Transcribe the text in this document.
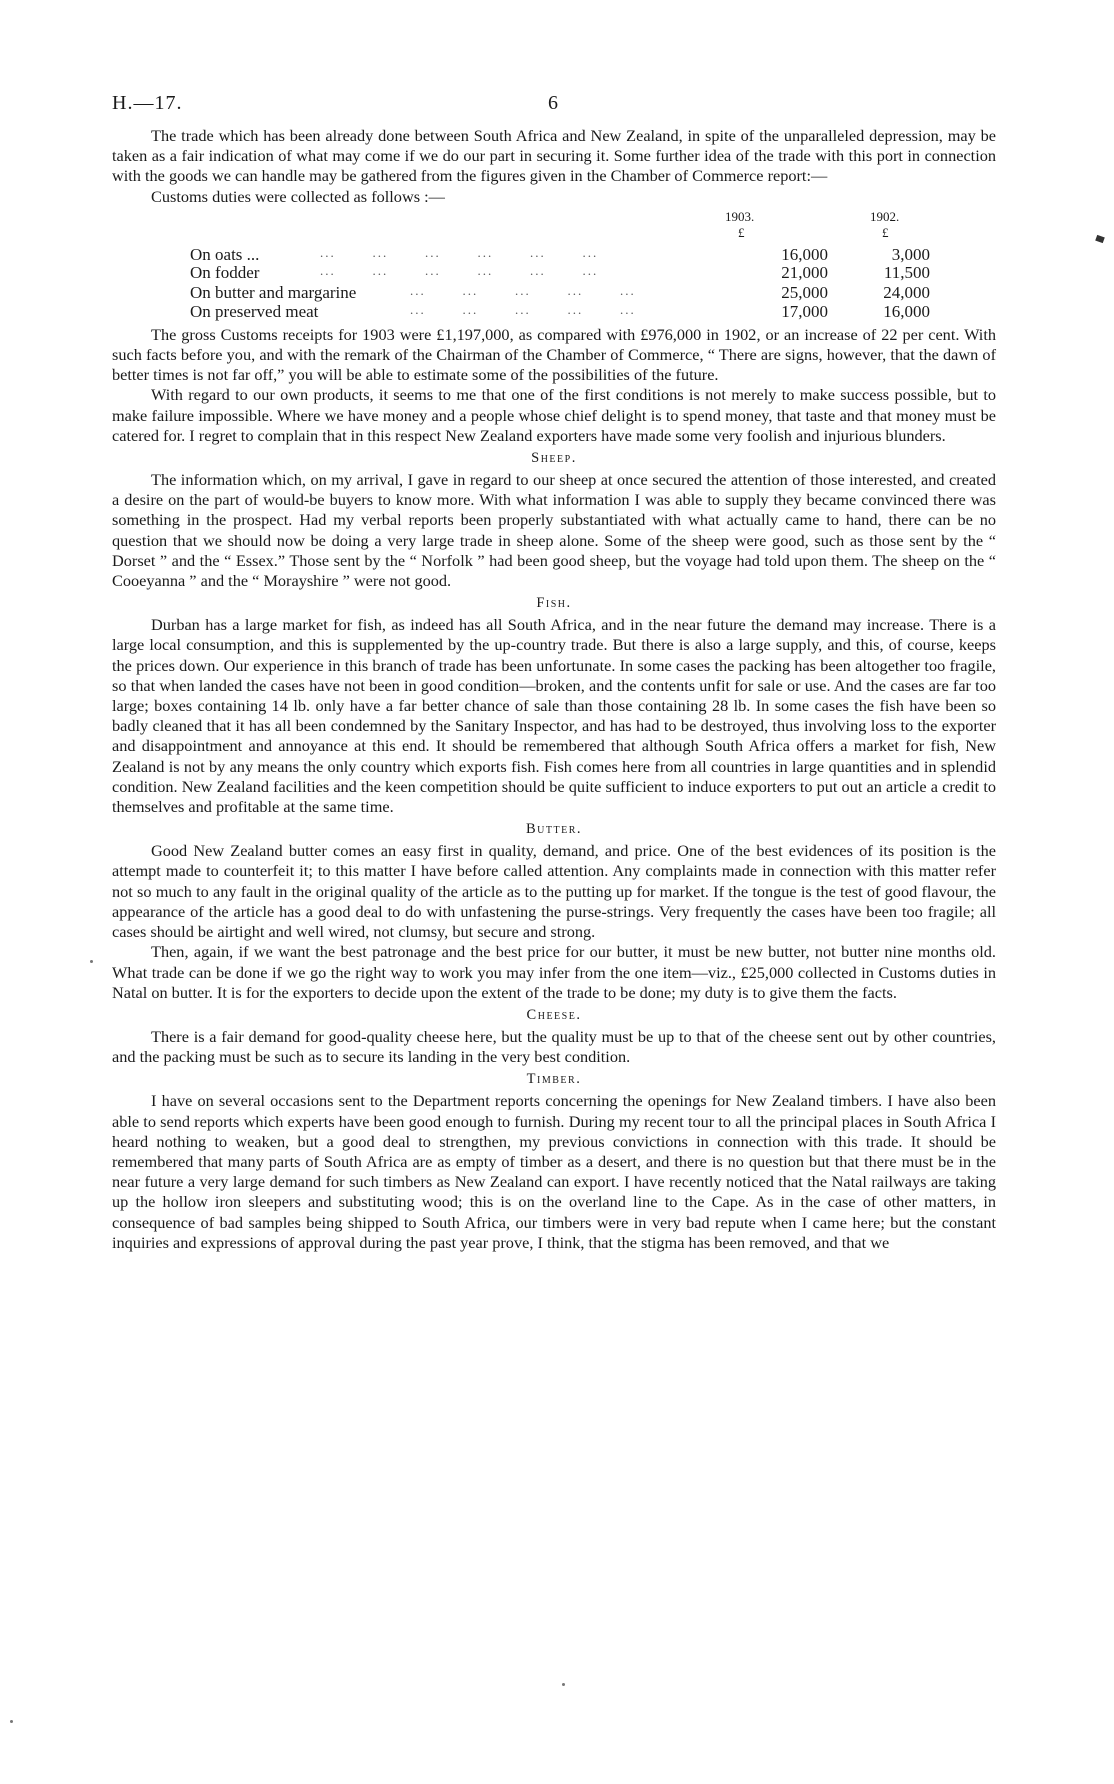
H.—17.	6

The trade which has been already done between South Africa and New Zealand, in spite of the unparalleled depression, may be taken as a fair indication of what may come if we do our part in securing it. Some further idea of the trade with this port in connection with the goods we can handle may be gathered from the figures given in the Chamber of Commerce report:—

Customs duties were collected as follows :—
1903.	1902.
£	£
On oats ...	...       ...       ...       ...       ...       ...	16,000	3,000
On fodder	...       ...       ...       ...       ...       ...	21,000	11,500
On butter and margarine	...       ...       ...       ...       ...	25,000	24,000
On preserved meat	...       ...       ...       ...       ...	17,000	16,000

The gross Customs receipts for 1903 were £1,197,000, as compared with £976,000 in 1902, or an increase of 22 per cent. With such facts before you, and with the remark of the Chairman of the Chamber of Commerce, “ There are signs, however, that the dawn of better times is not far off,” you will be able to estimate some of the possibilities of the future.

With regard to our own products, it seems to me that one of the first conditions is not merely to make success possible, but to make failure impossible. Where we have money and a people whose chief delight is to spend money, that taste and that money must be catered for. I regret to complain that in this respect New Zealand exporters have made some very foolish and injurious blunders.

Sheep.

The information which, on my arrival, I gave in regard to our sheep at once secured the attention of those interested, and created a desire on the part of would-be buyers to know more. With what information I was able to supply they became convinced there was something in the prospect. Had my verbal reports been properly substantiated with what actually came to hand, there can be no question that we should now be doing a very large trade in sheep alone. Some of the sheep were good, such as those sent by the “ Dorset ” and the “ Essex.” Those sent by the “ Norfolk ” had been good sheep, but the voyage had told upon them. The sheep on the “ Cooeyanna ” and the “ Morayshire ” were not good.

Fish.

Durban has a large market for fish, as indeed has all South Africa, and in the near future the demand may increase. There is a large local consumption, and this is supplemented by the up-country trade. But there is also a large supply, and this, of course, keeps the prices down. Our experience in this branch of trade has been unfortunate. In some cases the packing has been altogether too fragile, so that when landed the cases have not been in good condition—broken, and the contents unfit for sale or use. And the cases are far too large; boxes containing 14 lb. only have a far better chance of sale than those containing 28 lb. In some cases the fish have been so badly cleaned that it has all been condemned by the Sanitary Inspector, and has had to be destroyed, thus involving loss to the exporter and disappointment and annoyance at this end. It should be remembered that although South Africa offers a market for fish, New Zealand is not by any means the only country which exports fish. Fish comes here from all countries in large quantities and in splendid condition. New Zealand facilities and the keen competition should be quite sufficient to induce exporters to put out an article a credit to themselves and profitable at the same time.

Butter.

Good New Zealand butter comes an easy first in quality, demand, and price. One of the best evidences of its position is the attempt made to counterfeit it; to this matter I have before called attention. Any complaints made in connection with this matter refer not so much to any fault in the original quality of the article as to the putting up for market. If the tongue is the test of good flavour, the appearance of the article has a good deal to do with unfastening the purse-strings. Very frequently the cases have been too fragile; all cases should be airtight and well wired, not clumsy, but secure and strong.

Then, again, if we want the best patronage and the best price for our butter, it must be new butter, not butter nine months old. What trade can be done if we go the right way to work you may infer from the one item—viz., £25,000 collected in Customs duties in Natal on butter. It is for the exporters to decide upon the extent of the trade to be done; my duty is to give them the facts.

Cheese.

There is a fair demand for good-quality cheese here, but the quality must be up to that of the cheese sent out by other countries, and the packing must be such as to secure its landing in the very best condition.

Timber.

I have on several occasions sent to the Department reports concerning the openings for New Zealand timbers. I have also been able to send reports which experts have been good enough to furnish. During my recent tour to all the principal places in South Africa I heard nothing to weaken, but a good deal to strengthen, my previous convictions in connection with this trade. It should be remembered that many parts of South Africa are as empty of timber as a desert, and there is no question but that there must be in the near future a very large demand for such timbers as New Zealand can export. I have recently noticed that the Natal railways are taking up the hollow iron sleepers and substituting wood; this is on the overland line to the Cape. As in the case of other matters, in consequence of bad samples being shipped to South Africa, our timbers were in very bad repute when I came here; but the constant inquiries and expressions of approval during the past year prove, I think, that the stigma has been removed, and that we
